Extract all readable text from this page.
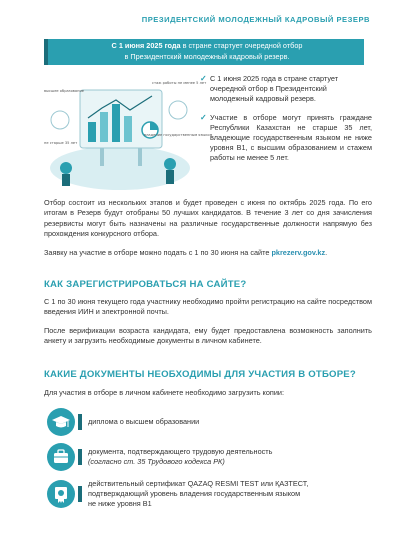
ПРЕЗИДЕНТСКИЙ МОЛОДЕЖНЫЙ КАДРОВЫЙ РЕЗЕРВ
С 1 июня 2025 года в стране стартует очередной отбор
в Президентский молодежный кадровый резерв.
высшее образование
стаж работы не менее 5 лет
не старше 35 лет
владение государственным языком
✓ С 1 июня 2025 года в стране стартует очередной отбор в Президентский молодежный кадровый резерв.
✓ Участие в отборе могут принять граждане Республики Казахстан не старше 35 лет, владеющие государственным языком не ниже уровня В1, с высшим образованием и стажем работы не менее 5 лет.
Отбор состоит из нескольких этапов и будет проведен с июня по октябрь 2025 года. По его итогам в Резерв будут отобраны 50 лучших кандидатов. В течение 3 лет со дня зачисления резервисты могут быть назначены на различные государственные должности напрямую без прохождения конкурсного отбора.
Заявку на участие в отборе можно подать с 1 по 30 июня на сайте pkrezerv.gov.kz.
КАК ЗАРЕГИСТРИРОВАТЬСЯ НА САЙТЕ?
С 1 по 30 июня текущего года участнику необходимо пройти регистрацию на сайте посредством введения ИИН и электронной почты.
После верификации возраста кандидата, ему будет предоставлена возможность заполнить анкету и загрузить необходимые документы в личном кабинете.
КАКИЕ ДОКУМЕНТЫ НЕОБХОДИМЫ ДЛЯ УЧАСТИЯ В ОТБОРЕ?
Для участия в отборе в личном кабинете необходимо загрузить копии:
диплома о высшем образовании
документа, подтверждающего трудовую деятельность
(согласно ст. 35 Трудового кодекса РК)
действительный сертификат QAZAQ RESMI TEST или ҚАЗТЕСТ,
подтверждающий уровень владения государственным языком
не ниже уровня В1
